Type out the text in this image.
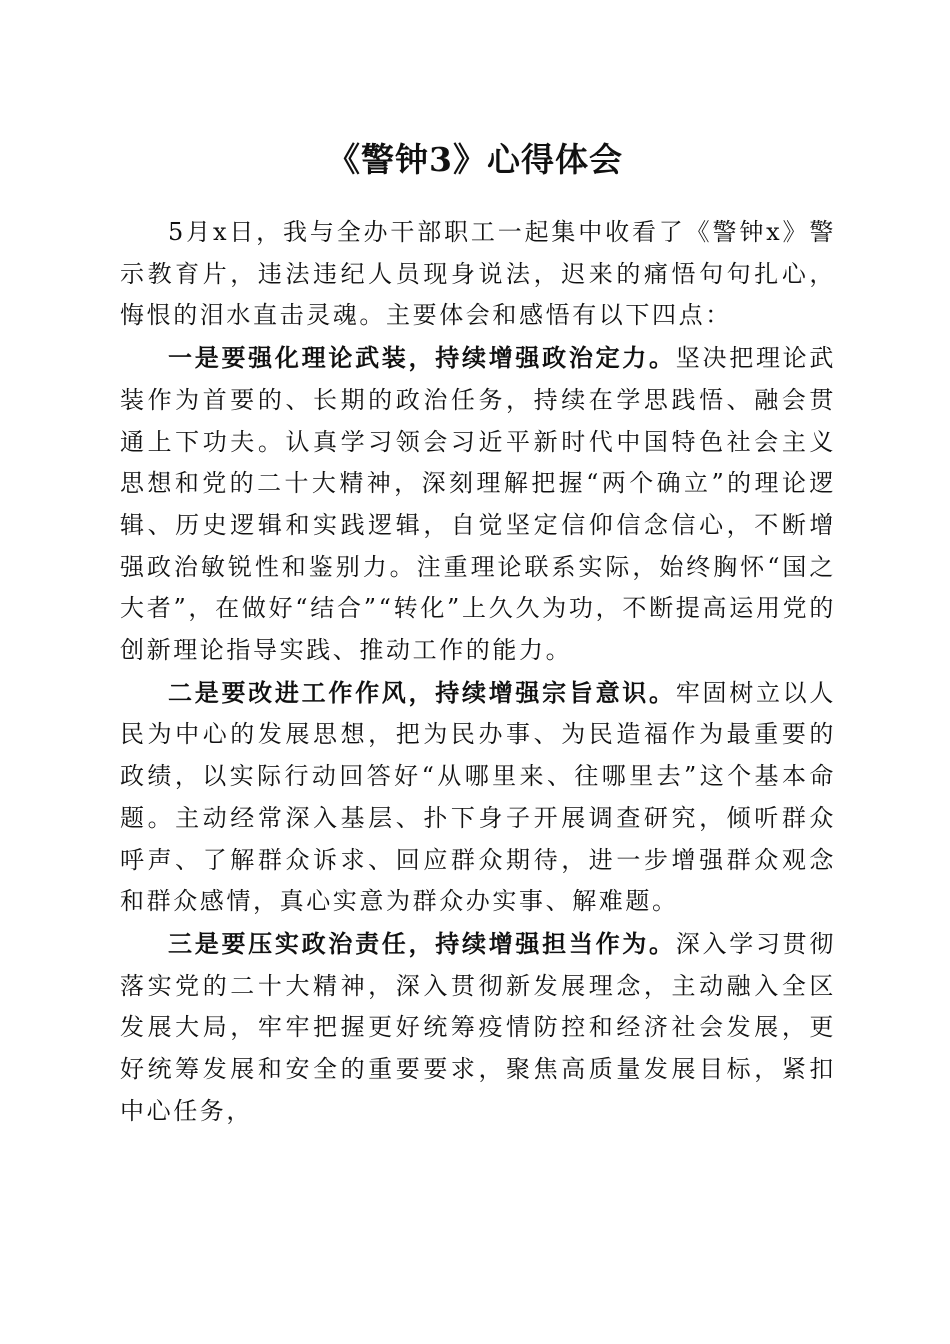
《警钟3》心得体会

5月x日，我与全办干部职工一起集中收看了《警钟x》警示教育片，违法违纪人员现身说法，迟来的痛悟句句扎心，悔恨的泪水直击灵魂。主要体会和感悟有以下四点：

一是要强化理论武装，持续增强政治定力。坚决把理论武装作为首要的、长期的政治任务，持续在学思践悟、融会贯通上下功夫。认真学习领会习近平新时代中国特色社会主义思想和党的二十大精神，深刻理解把握“两个确立”的理论逻辑、历史逻辑和实践逻辑，自觉坚定信仰信念信心，不断增强政治敏锐性和鉴别力。注重理论联系实际，始终胸怀“国之大者”，在做好“结合”“转化”上久久为功，不断提高运用党的创新理论指导实践、推动工作的能力。

二是要改进工作作风，持续增强宗旨意识。牢固树立以人民为中心的发展思想，把为民办事、为民造福作为最重要的政绩，以实际行动回答好“从哪里来、往哪里去”这个基本命题。主动经常深入基层、扑下身子开展调查研究，倾听群众呼声、了解群众诉求、回应群众期待，进一步增强群众观念和群众感情，真心实意为群众办实事、解难题。

三是要压实政治责任，持续增强担当作为。深入学习贯彻落实党的二十大精神，深入贯彻新发展理念，主动融入全区发展大局，牢牢把握更好统筹疫情防控和经济社会发展，更好统筹发展和安全的重要要求，聚焦高质量发展目标，紧扣中心任务，
